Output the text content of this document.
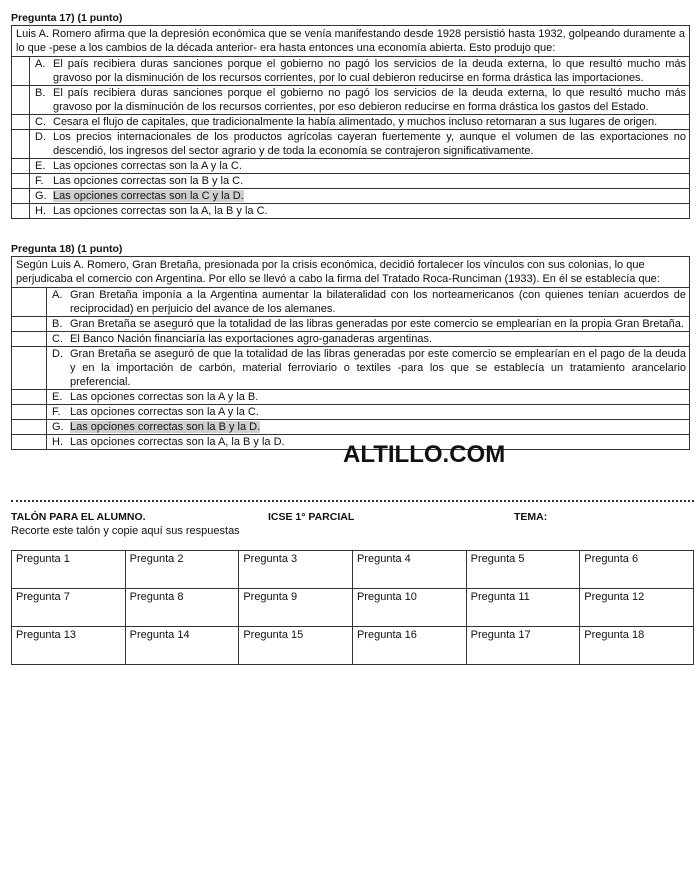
Pregunta 17) (1 punto)
Luis A. Romero afirma que la depresión económica que se venía manifestando desde 1928 persistió hasta 1932, golpeando duramente a lo que -pese a los cambios de la década anterior- era hasta entonces una economía abierta. Esto produjo que:	

	A. El país recibiera duras sanciones porque el gobierno no pagó los servicios de la deuda externa, lo que resultó mucho más gravoso por la disminución de los recursos corrientes, por lo cual debieron reducirse en forma drástica las importaciones.

	B. El país recibiera duras sanciones porque el gobierno no pagó los servicios de la deuda externa, lo que resultó mucho más gravoso por la disminución de los recursos corrientes, por eso debieron reducirse en forma drástica los gastos del Estado.

	C. Cesara el flujo de capitales, que tradicionalmente la había alimentado, y muchos incluso retornaran a sus lugares de origen.

	D. Los precios internacionales de los productos agrícolas cayeran fuertemente y, aunque el volumen de las exportaciones no descendió, los ingresos del sector agrario y de toda la economía se contrajeron significativamente.

	E. Las opciones correctas son la A y la C.

	F. Las opciones correctas son la B y la C.

	G. Las opciones correctas son la C y la D.

	H. Las opciones correctas son la A, la B y la C.
Pregunta 18) (1 punto)
Según Luis A. Romero, Gran Bretaña, presionada por la crisis económica, decidió fortalecer los vínculos con sus colonias, lo que perjudicaba el comercio con Argentina. Por ello se llevó a cabo la firma del Tratado Roca-Runciman (1933). En él se establecía que:	

	A. Gran Bretaña imponía a la Argentina aumentar la bilateralidad con los norteamericanos (con quienes tenían acuerdos de reciprocidad) en perjuicio del avance de los alemanes.

	B. Gran Bretaña se aseguró que la totalidad de las libras generadas por este comercio se emplearían en la propia Gran Bretaña.

	C. El Banco Nación financiaría las exportaciones agro-ganaderas argentinas.

	D. Gran Bretaña se aseguró de que la totalidad de las libras generadas por este comercio se emplearían en el pago de la deuda y en la importación de carbón, material ferroviario o textiles -para los que se establecía un tratamiento arancelario preferencial.

	E. Las opciones correctas son la A y la B.

	F. Las opciones correctas son la A y la C.

	G. Las opciones correctas son la B y la D.

	H. Las opciones correctas son la A, la B y la D. ALTILLO.COM
TALÓN PARA EL ALUMNO.	ICSE 1° PARCIAL	TEMA:
Recorte este talón y copie aquí sus respuestas
Pregunta 1	Pregunta 2	Pregunta 3	Pregunta 4	Pregunta 5	Pregunta 6
Pregunta 7	Pregunta 8	Pregunta 9	Pregunta 10	Pregunta 11	Pregunta 12
Pregunta 13	Pregunta 14	Pregunta 15	Pregunta 16	Pregunta 17	Pregunta 18
